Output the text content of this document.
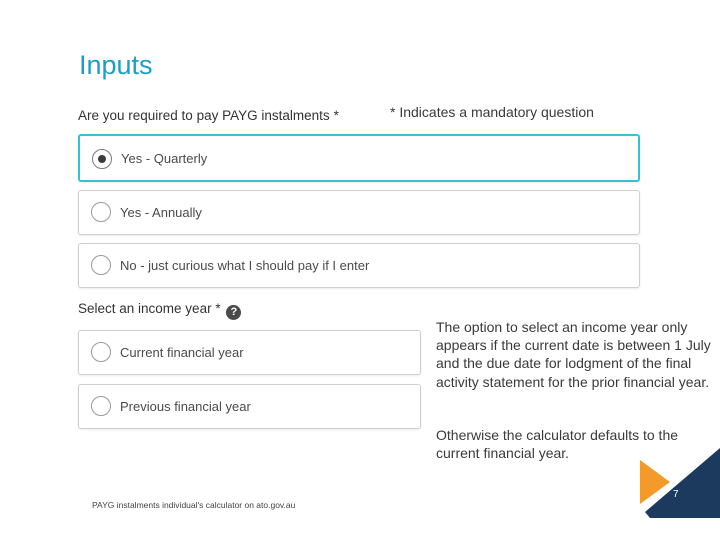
Inputs
Are you required to pay PAYG instalments *	* Indicates a mandatory question
Yes - Quarterly
Yes - Annually
No - just curious what I should pay if I enter
Select an income year * ?
Current financial year
Previous financial year
The option to select an income year only appears if the current date is between 1 July and the due date for lodgment of the final activity statement for the prior financial year.
Otherwise the calculator defaults to the current financial year.
PAYG instalments individual's calculator on ato.gov.au
7
